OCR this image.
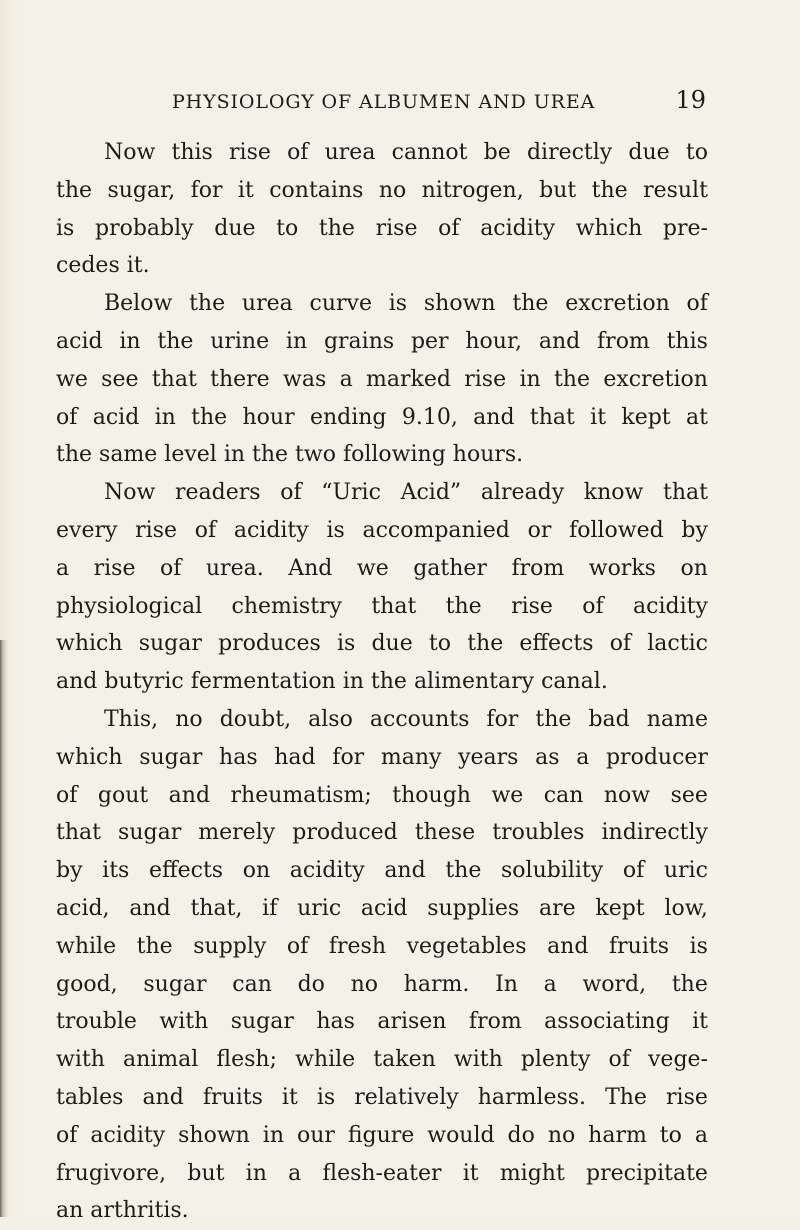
PHYSIOLOGY OF ALBUMEN AND UREA	19
Now this rise of urea cannot be directly due to
the sugar, for it contains no nitrogen, but the result
is probably due to the rise of acidity which pre-
cedes it.
Below the urea curve is shown the excretion of
acid in the urine in grains per hour, and from this
we see that there was a marked rise in the excretion
of acid in the hour ending 9.10, and that it kept at
the same level in the two following hours.
Now readers of “Uric Acid” already know that
every rise of acidity is accompanied or followed by
a rise of urea. And we gather from works on
physiological chemistry that the rise of acidity
which sugar produces is due to the effects of lactic
and butyric fermentation in the alimentary canal.
This, no doubt, also accounts for the bad name
which sugar has had for many years as a producer
of gout and rheumatism; though we can now see
that sugar merely produced these troubles indirectly
by its effects on acidity and the solubility of uric
acid, and that, if uric acid supplies are kept low,
while the supply of fresh vegetables and fruits is
good, sugar can do no harm. In a word, the
trouble with sugar has arisen from associating it
with animal flesh; while taken with plenty of vege-
tables and fruits it is relatively harmless. The rise
of acidity shown in our figure would do no harm to a
frugivore, but in a flesh-eater it might precipitate
an arthritis.
